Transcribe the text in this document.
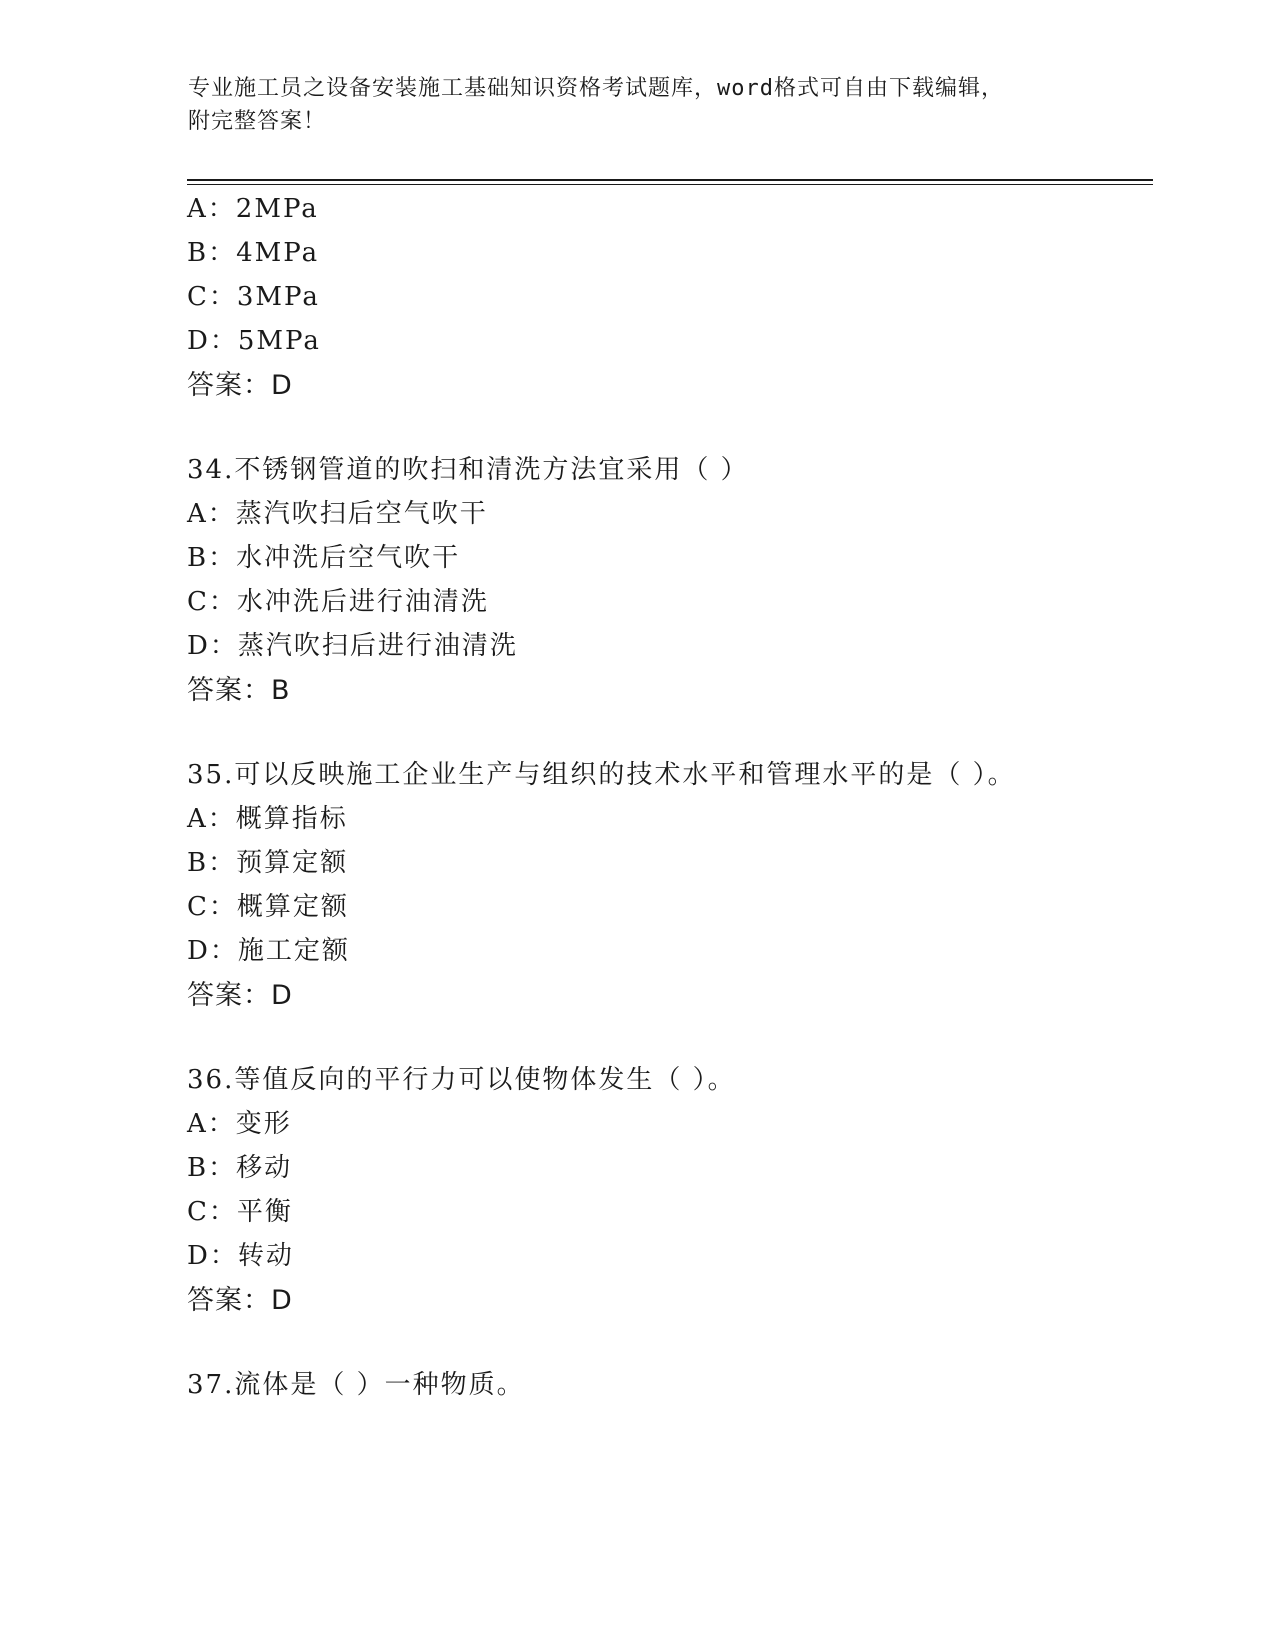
专业施工员之设备安装施工基础知识资格考试题库，word格式可自由下载编辑，
附完整答案！
A：2MPa
B：4MPa
C：3MPa
D：5MPa
答案：D
34.不锈钢管道的吹扫和清洗方法宜采用（ ）
A：蒸汽吹扫后空气吹干
B：水冲洗后空气吹干
C：水冲洗后进行油清洗
D：蒸汽吹扫后进行油清洗
答案：B
35.可以反映施工企业生产与组织的技术水平和管理水平的是（ ）。
A：概算指标
B：预算定额
C：概算定额
D：施工定额
答案：D
36.等值反向的平行力可以使物体发生（ ）。
A：变形
B：移动
C：平衡
D：转动
答案：D
37.流体是（ ）一种物质。
